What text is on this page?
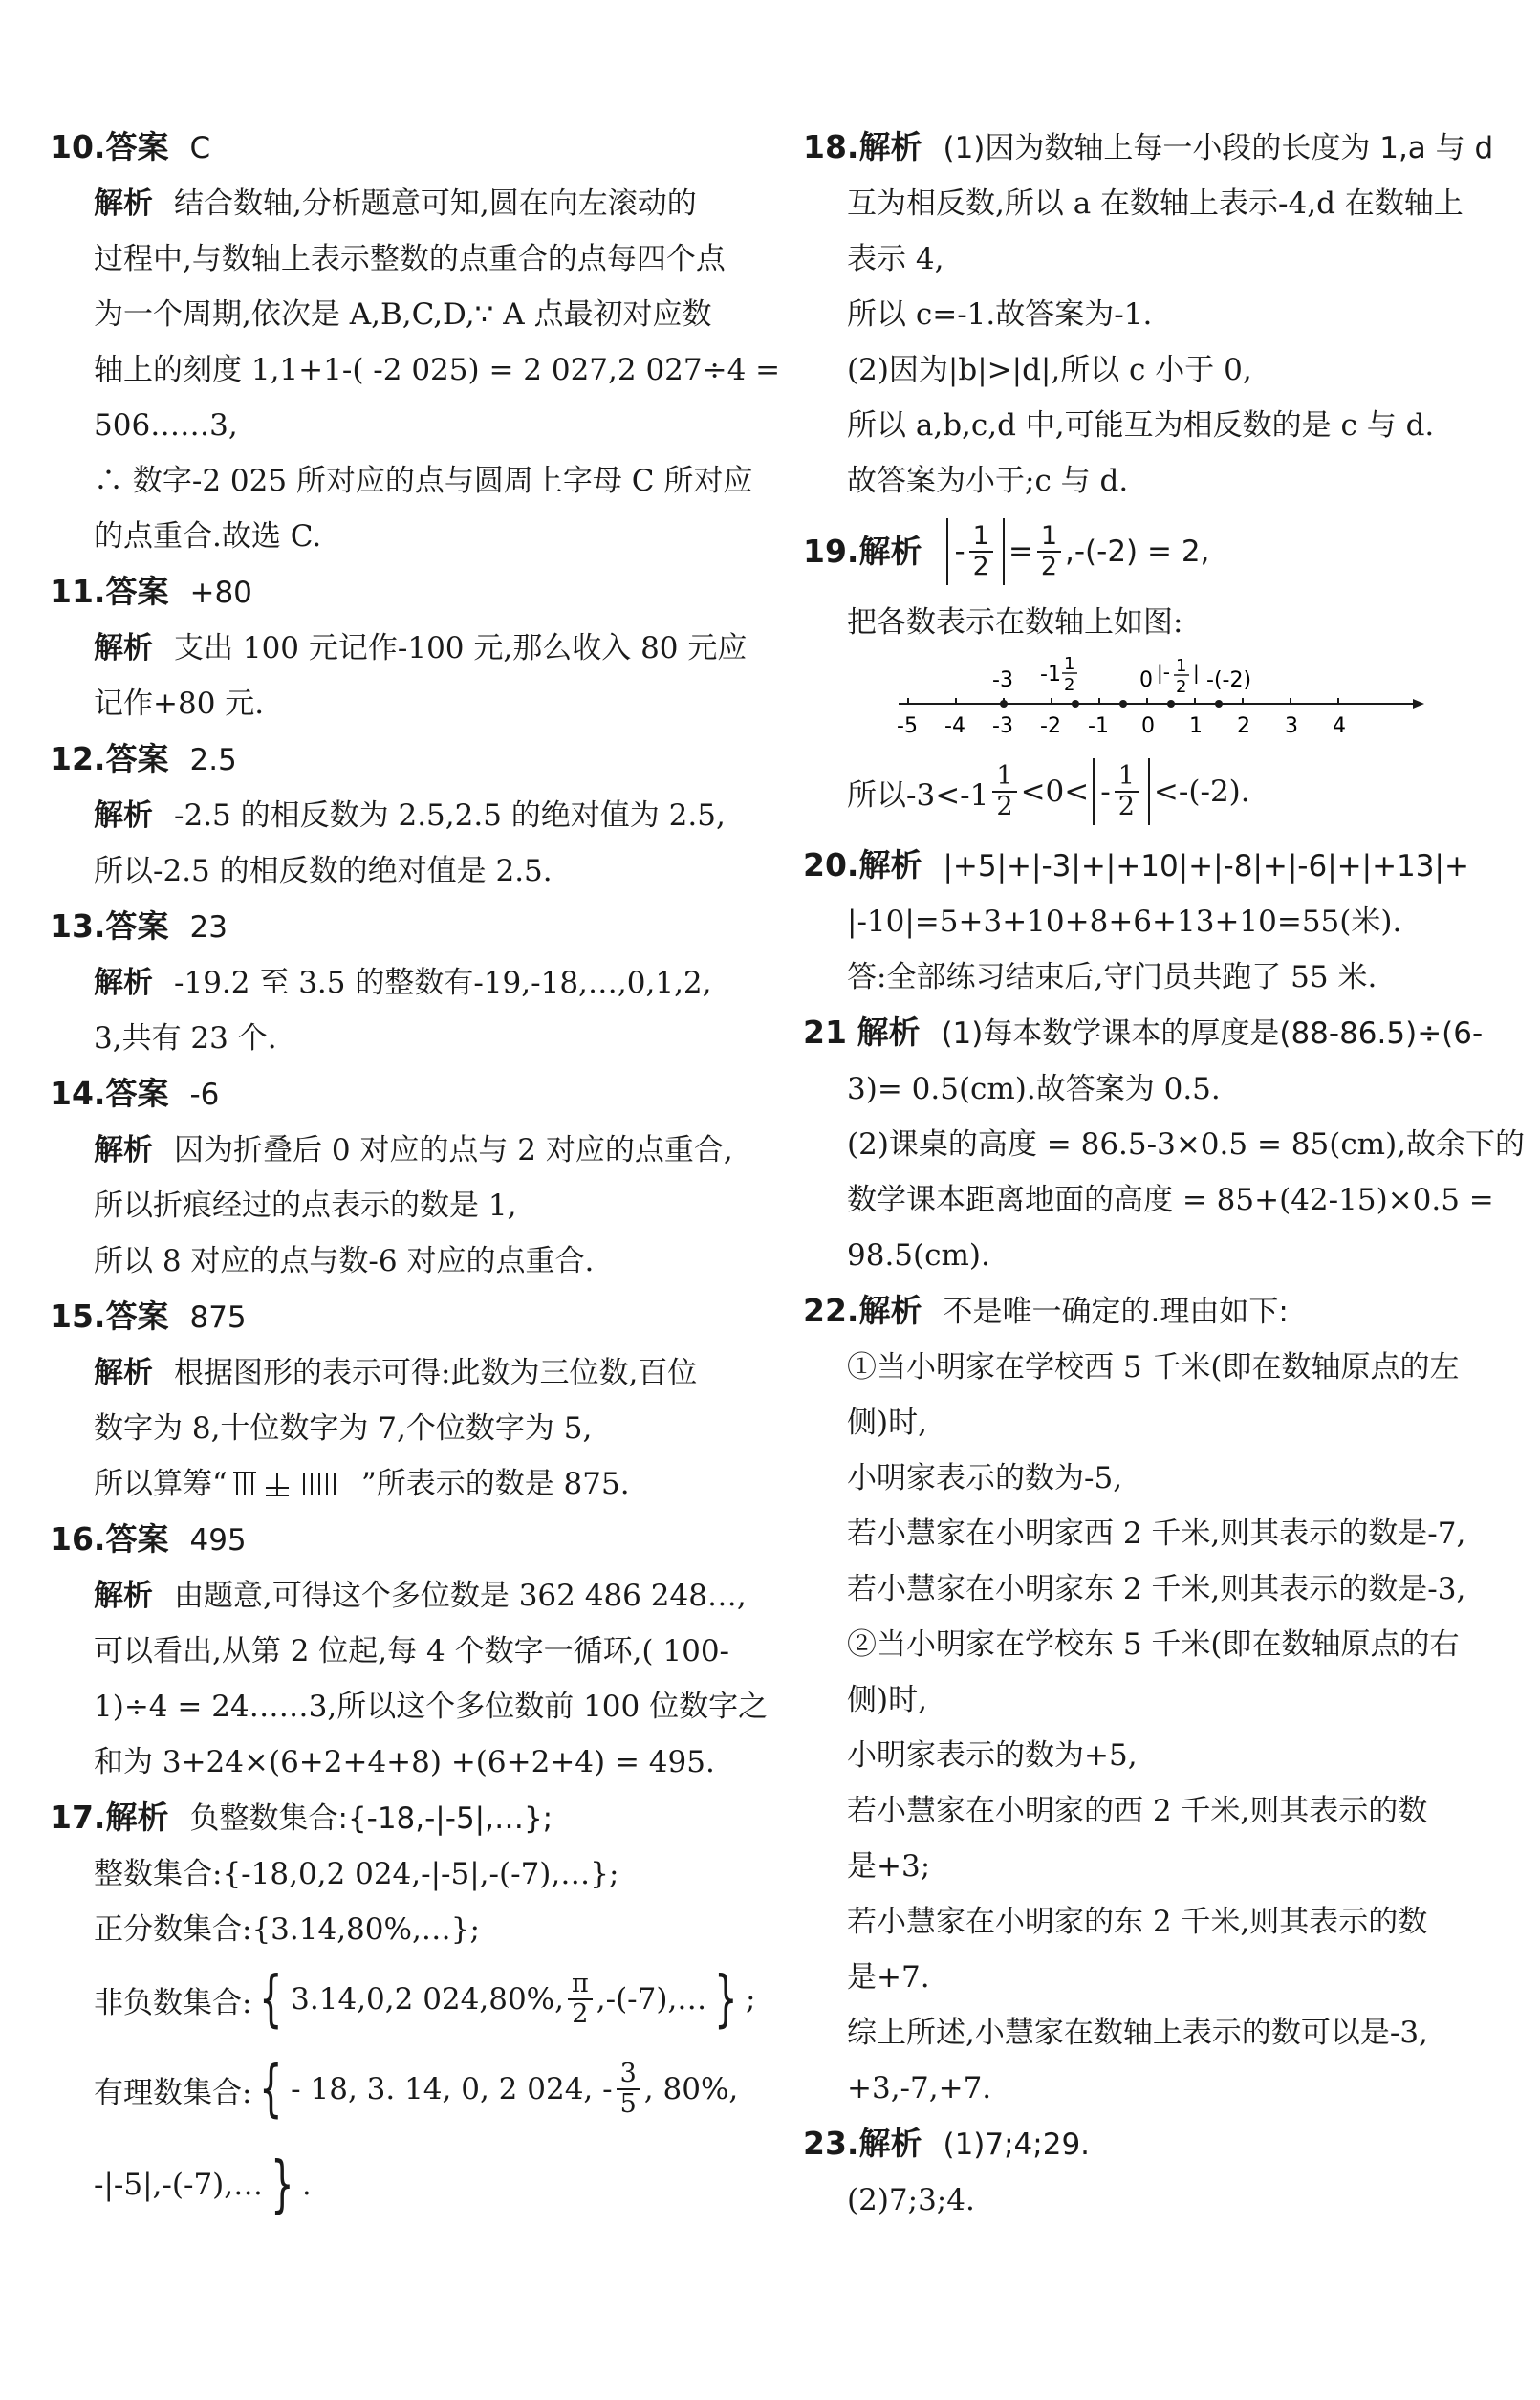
10.答案 C
解析 结合数轴,分析题意可知,圆在向左滚动的
过程中,与数轴上表示整数的点重合的点每四个点
为一个周期,依次是 A,B,C,D,∵ A 点最初对应数
轴上的刻度 1,1+1-( -2 025) = 2 027,2 027÷4 =
506……3,
∴ 数字-2 025 所对应的点与圆周上字母 C 所对应
的点重合.故选 C.
11.答案 +80
解析 支出 100 元记作-100 元,那么收入 80 元应
记作+80 元.
12.答案 2.5
解析 -2.5 的相反数为 2.5,2.5 的绝对值为 2.5,
所以-2.5 的相反数的绝对值是 2.5.
13.答案 23
解析 -19.2 至 3.5 的整数有-19,-18,…,0,1,2,
3,共有 23 个.
14.答案 -6
解析 因为折叠后 0 对应的点与 2 对应的点重合,
所以折痕经过的点表示的数是 1,
所以 8 对应的点与数-6 对应的点重合.
15.答案 875
解析 根据图形的表示可得:此数为三位数,百位
数字为 8,十位数字为 7,个位数字为 5,
所以算筹“	”所表示的数是 875.
16.答案 495
解析 由题意,可得这个多位数是 362 486 248…,
可以看出,从第 2 位起,每 4 个数字一循环,( 100-
1)÷4 = 24……3,所以这个多位数前 100 位数字之
和为 3+24×(6+2+4+8) +(6+2+4) = 495.
17.解析 负整数集合:{-18,-|-5|,…};
整数集合:{-18,0,2 024,-|-5|,-(-7),…};
正分数集合:{3.14,80%,…};
非负数集合: { 3.14,0,2 024,80%, $\frac{\pi}{2}$ ,-(-7),… } ;
有理数集合: { - 18, 3. 14, 0, 2 024, - $\frac{3}{5}$ , 80%,
-|-5|,-(-7),… } .
18.解析 (1)因为数轴上每一小段的长度为 1,a 与 d
互为相反数,所以 a 在数轴上表示-4,d 在数轴上
表示 4,
所以 c=-1.故答案为-1.
(2)因为|b|>|d|,所以 c 小于 0,
所以 a,b,c,d 中,可能互为相反数的是 c 与 d.
故答案为小于;c 与 d.
19. 解析 - $\frac{1}{2} = \frac{1}{2} ,-(-2) = 2$,
把各数表示在数轴上如图:
-5 -4 -3 -2 -1 0 1 2 3 4
-3 -1 1
2	0 |- 1
2
| -(-2)
所以$-3<-1 \frac{1}{2} <0< - \frac{1}{2} <-(-2)$.
20.解析 |+5|+|-3|+|+10|+|-8|+|-6|+|+13|+
|-10|=5+3+10+8+6+13+10=55(米).
答:全部练习结束后,守门员共跑了 55 米.
21 解析 (1)每本数学课本的厚度是(88-86.5)÷(6-
3)= 0.5(cm).故答案为 0.5.
(2)课桌的高度 = 86.5-3×0.5 = 85(cm),故余下的
数学课本距离地面的高度 = 85+(42-15)×0.5 =
98.5(cm).
22.解析 不是唯一确定的.理由如下:
①当小明家在学校西 5 千米(即在数轴原点的左
侧)时,
小明家表示的数为-5,
若小慧家在小明家西 2 千米,则其表示的数是-7,
若小慧家在小明家东 2 千米,则其表示的数是-3,
②当小明家在学校东 5 千米(即在数轴原点的右
侧)时,
小明家表示的数为+5,
若小慧家在小明家的西 2 千米,则其表示的数
是+3;
若小慧家在小明家的东 2 千米,则其表示的数
是+7.
综上所述,小慧家在数轴上表示的数可以是-3,
+3,-7,+7.
23.解析 (1)7;4;29.
(2)7;3;4.
